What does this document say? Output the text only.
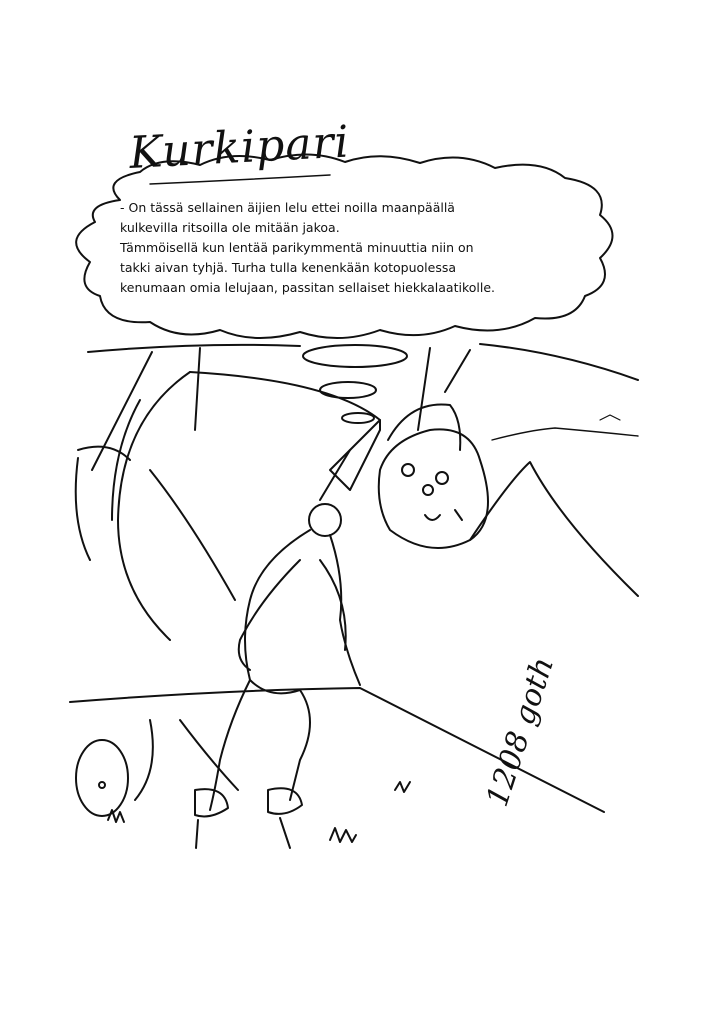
Kurkipari
- On tässä sellainen äijien lelu ettei noilla maanpäällä
kulkevilla ritsoilla ole mitään jakoa.
Tämmöisellä kun lentää parikymmentä minuuttia niin on
takki aivan tyhjä. Turha tulla kenenkään kotopuolessa
kenumaan omia lelujaan, passitan sellaiset hiekkalaatikolle.
1208 goth
